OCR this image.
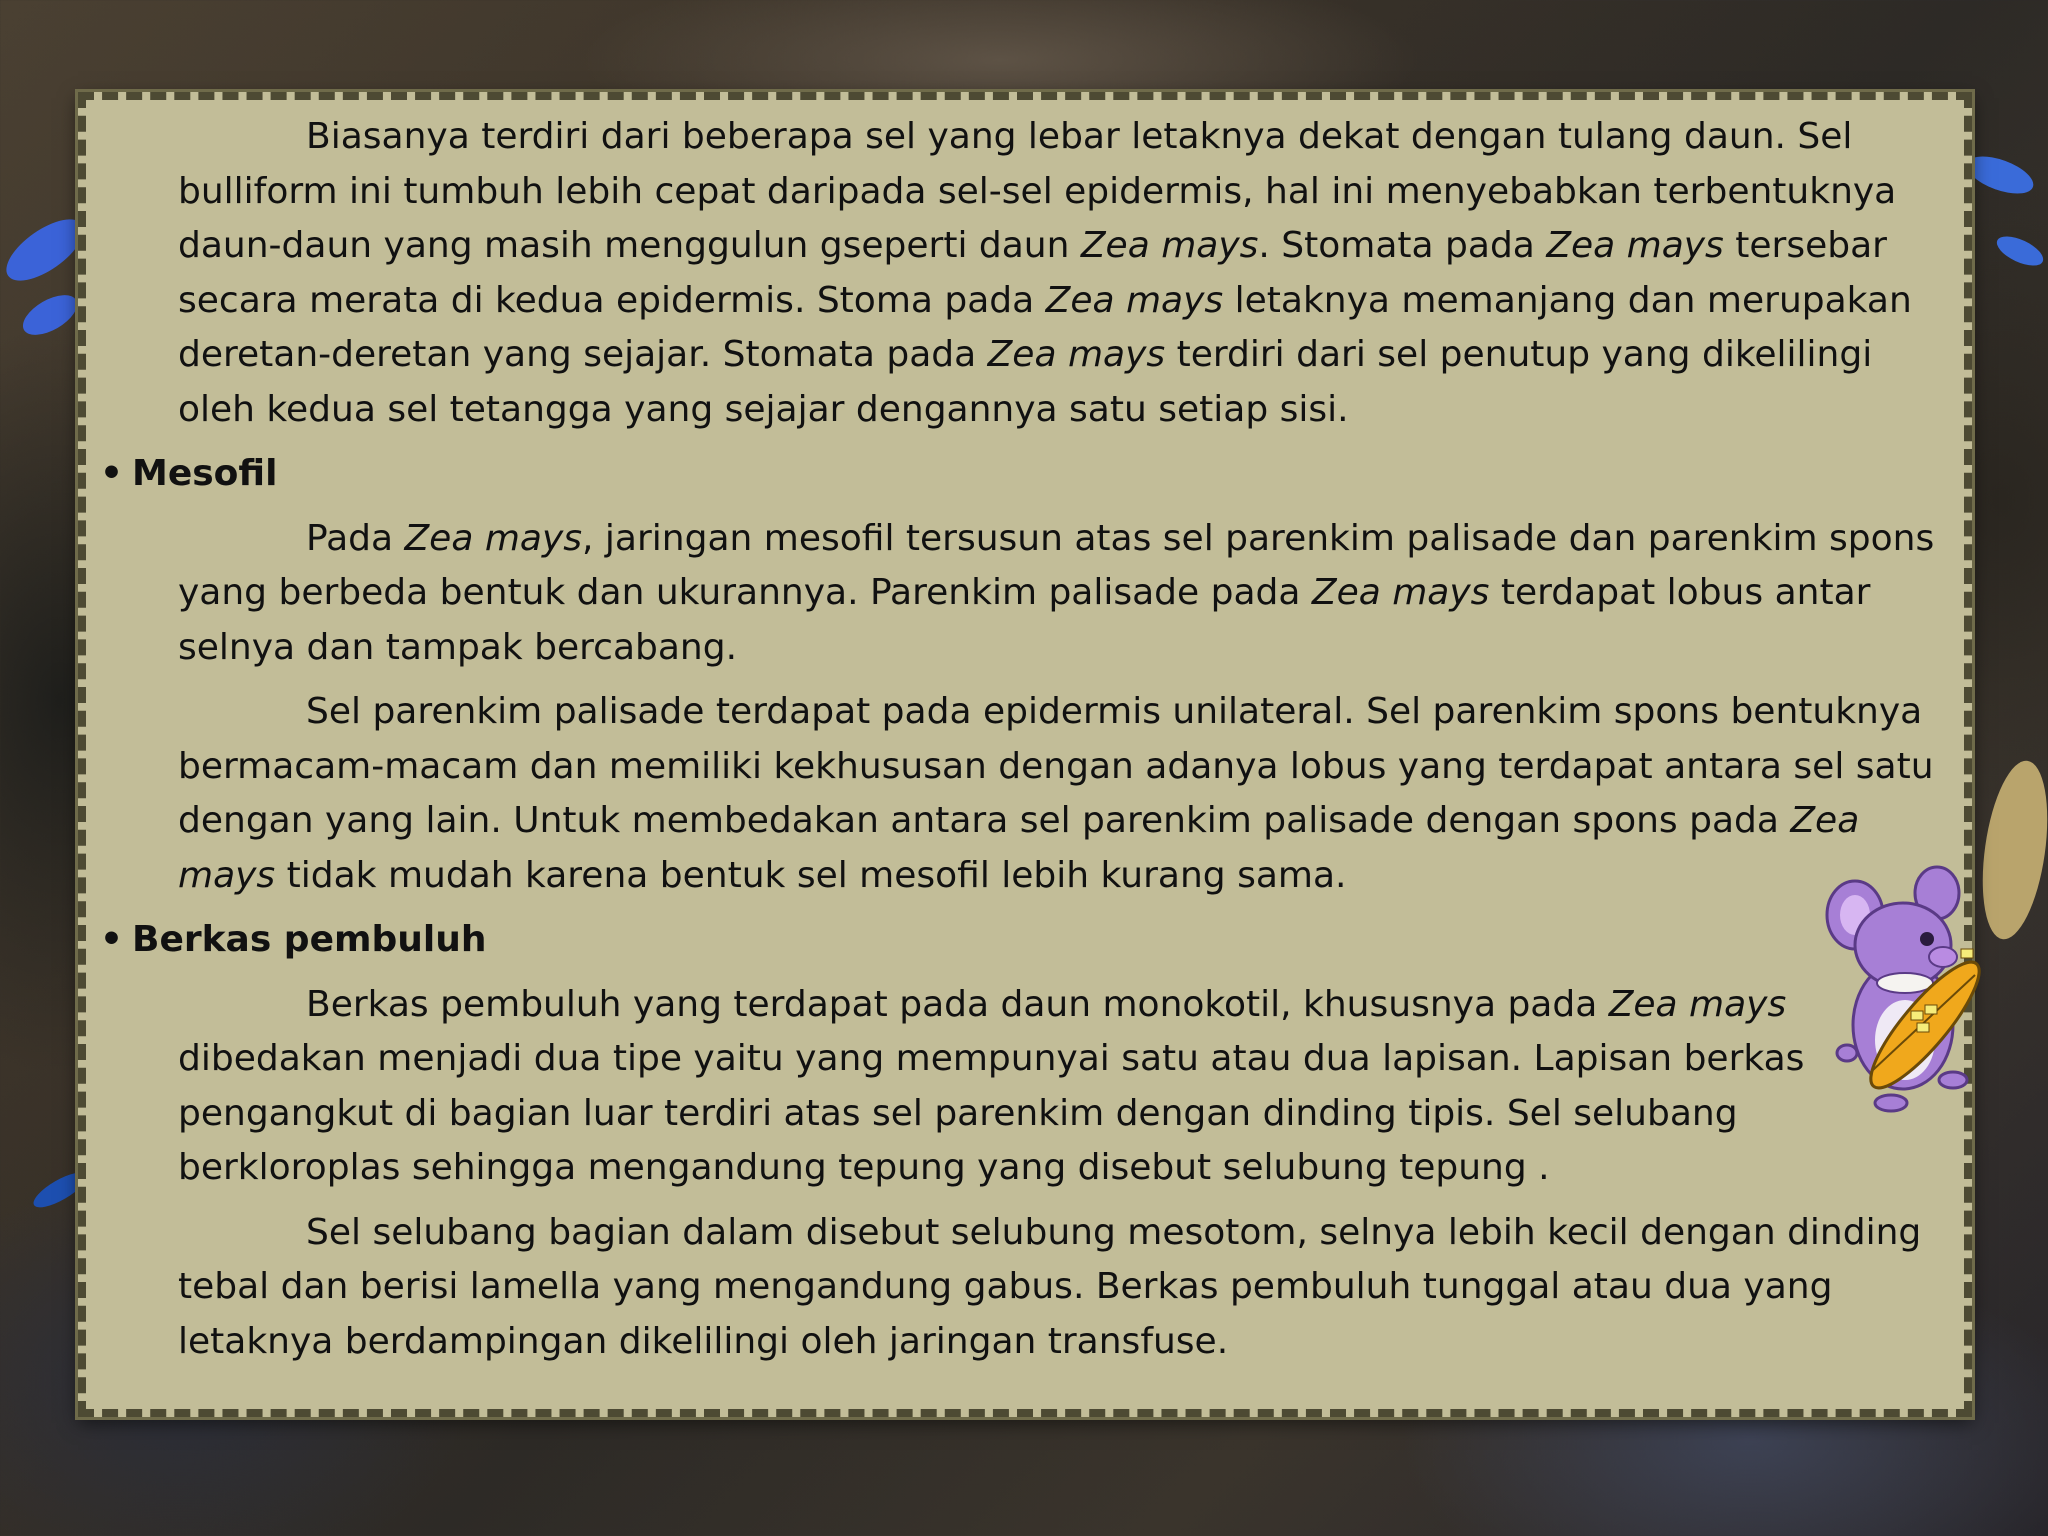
Biasanya terdiri dari beberapa sel yang lebar letaknya dekat dengan tulang daun. Sel bulliform ini tumbuh lebih cepat daripada sel-sel epidermis, hal ini menyebabkan terbentuknya daun-daun yang masih menggulun gseperti daun Zea mays. Stomata pada Zea mays tersebar secara merata di kedua epidermis. Stoma pada Zea mays letaknya memanjang dan merupakan deretan-deretan yang sejajar. Stomata pada Zea mays terdiri dari sel penutup yang dikelilingi oleh kedua sel tetangga yang sejajar dengannya satu setiap sisi.

• Mesofil

Pada Zea mays, jaringan mesofil tersusun atas sel parenkim palisade dan parenkim spons yang berbeda bentuk dan ukurannya. Parenkim palisade pada Zea mays terdapat lobus antar selnya dan tampak bercabang.

Sel parenkim palisade terdapat pada epidermis unilateral. Sel parenkim spons bentuknya bermacam-macam dan memiliki kekhususan dengan adanya lobus yang terdapat antara sel satu dengan yang lain. Untuk membedakan antara sel parenkim palisade dengan spons pada Zea mays tidak mudah karena bentuk sel mesofil lebih kurang sama.

• Berkas pembuluh

Berkas pembuluh yang terdapat pada daun monokotil, khususnya pada Zea mays dibedakan menjadi dua tipe yaitu yang mempunyai satu atau dua lapisan. Lapisan berkas pengangkut di bagian luar terdiri atas sel parenkim dengan dinding tipis. Sel selubang berkloroplas sehingga mengandung tepung yang disebut selubung tepung .

Sel selubang bagian dalam disebut selubung mesotom, selnya lebih kecil dengan dinding tebal dan berisi lamella yang mengandung gabus. Berkas pembuluh tunggal atau dua yang letaknya berdampingan dikelilingi oleh jaringan transfuse.
